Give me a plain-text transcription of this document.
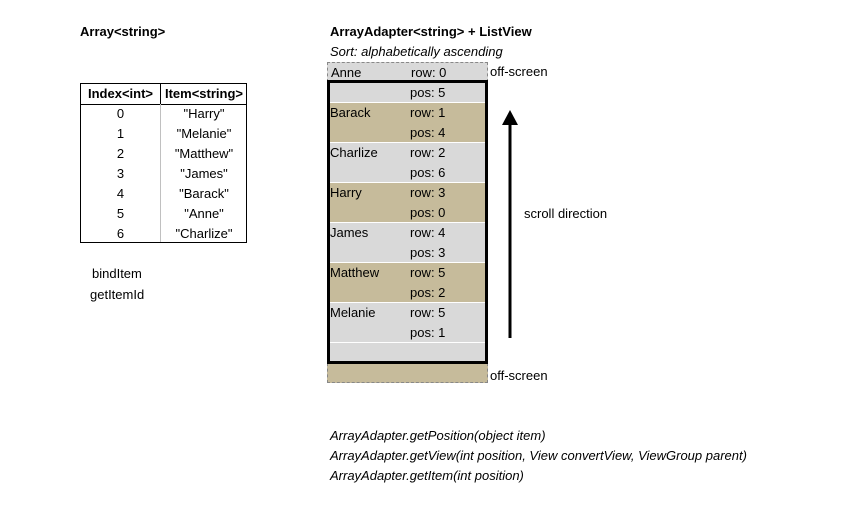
Array<string>
Index<int> Item<string>
0	"Harry"
1	"Melanie"
2	"Matthew"
3	"James"
4	"Barack"
5	"Anne"
6	"Charlize"
bindItem
getItemId
ArrayAdapter<string> + ListView
Sort: alphabetically ascending
Anne	row: 0
pos: 5
Barack	row: 1
pos: 4
Charlize row: 2
pos: 6
Harry	row: 3
pos: 0
James	row: 4
pos: 3
Matthew row: 5
pos: 2
Melanie	row: 5
pos: 1
off-screen
off-screen
scroll direction
ArrayAdapter.getPosition(object item)
ArrayAdapter.getView(int position, View convertView, ViewGroup parent)
ArrayAdapter.getItem(int position)
